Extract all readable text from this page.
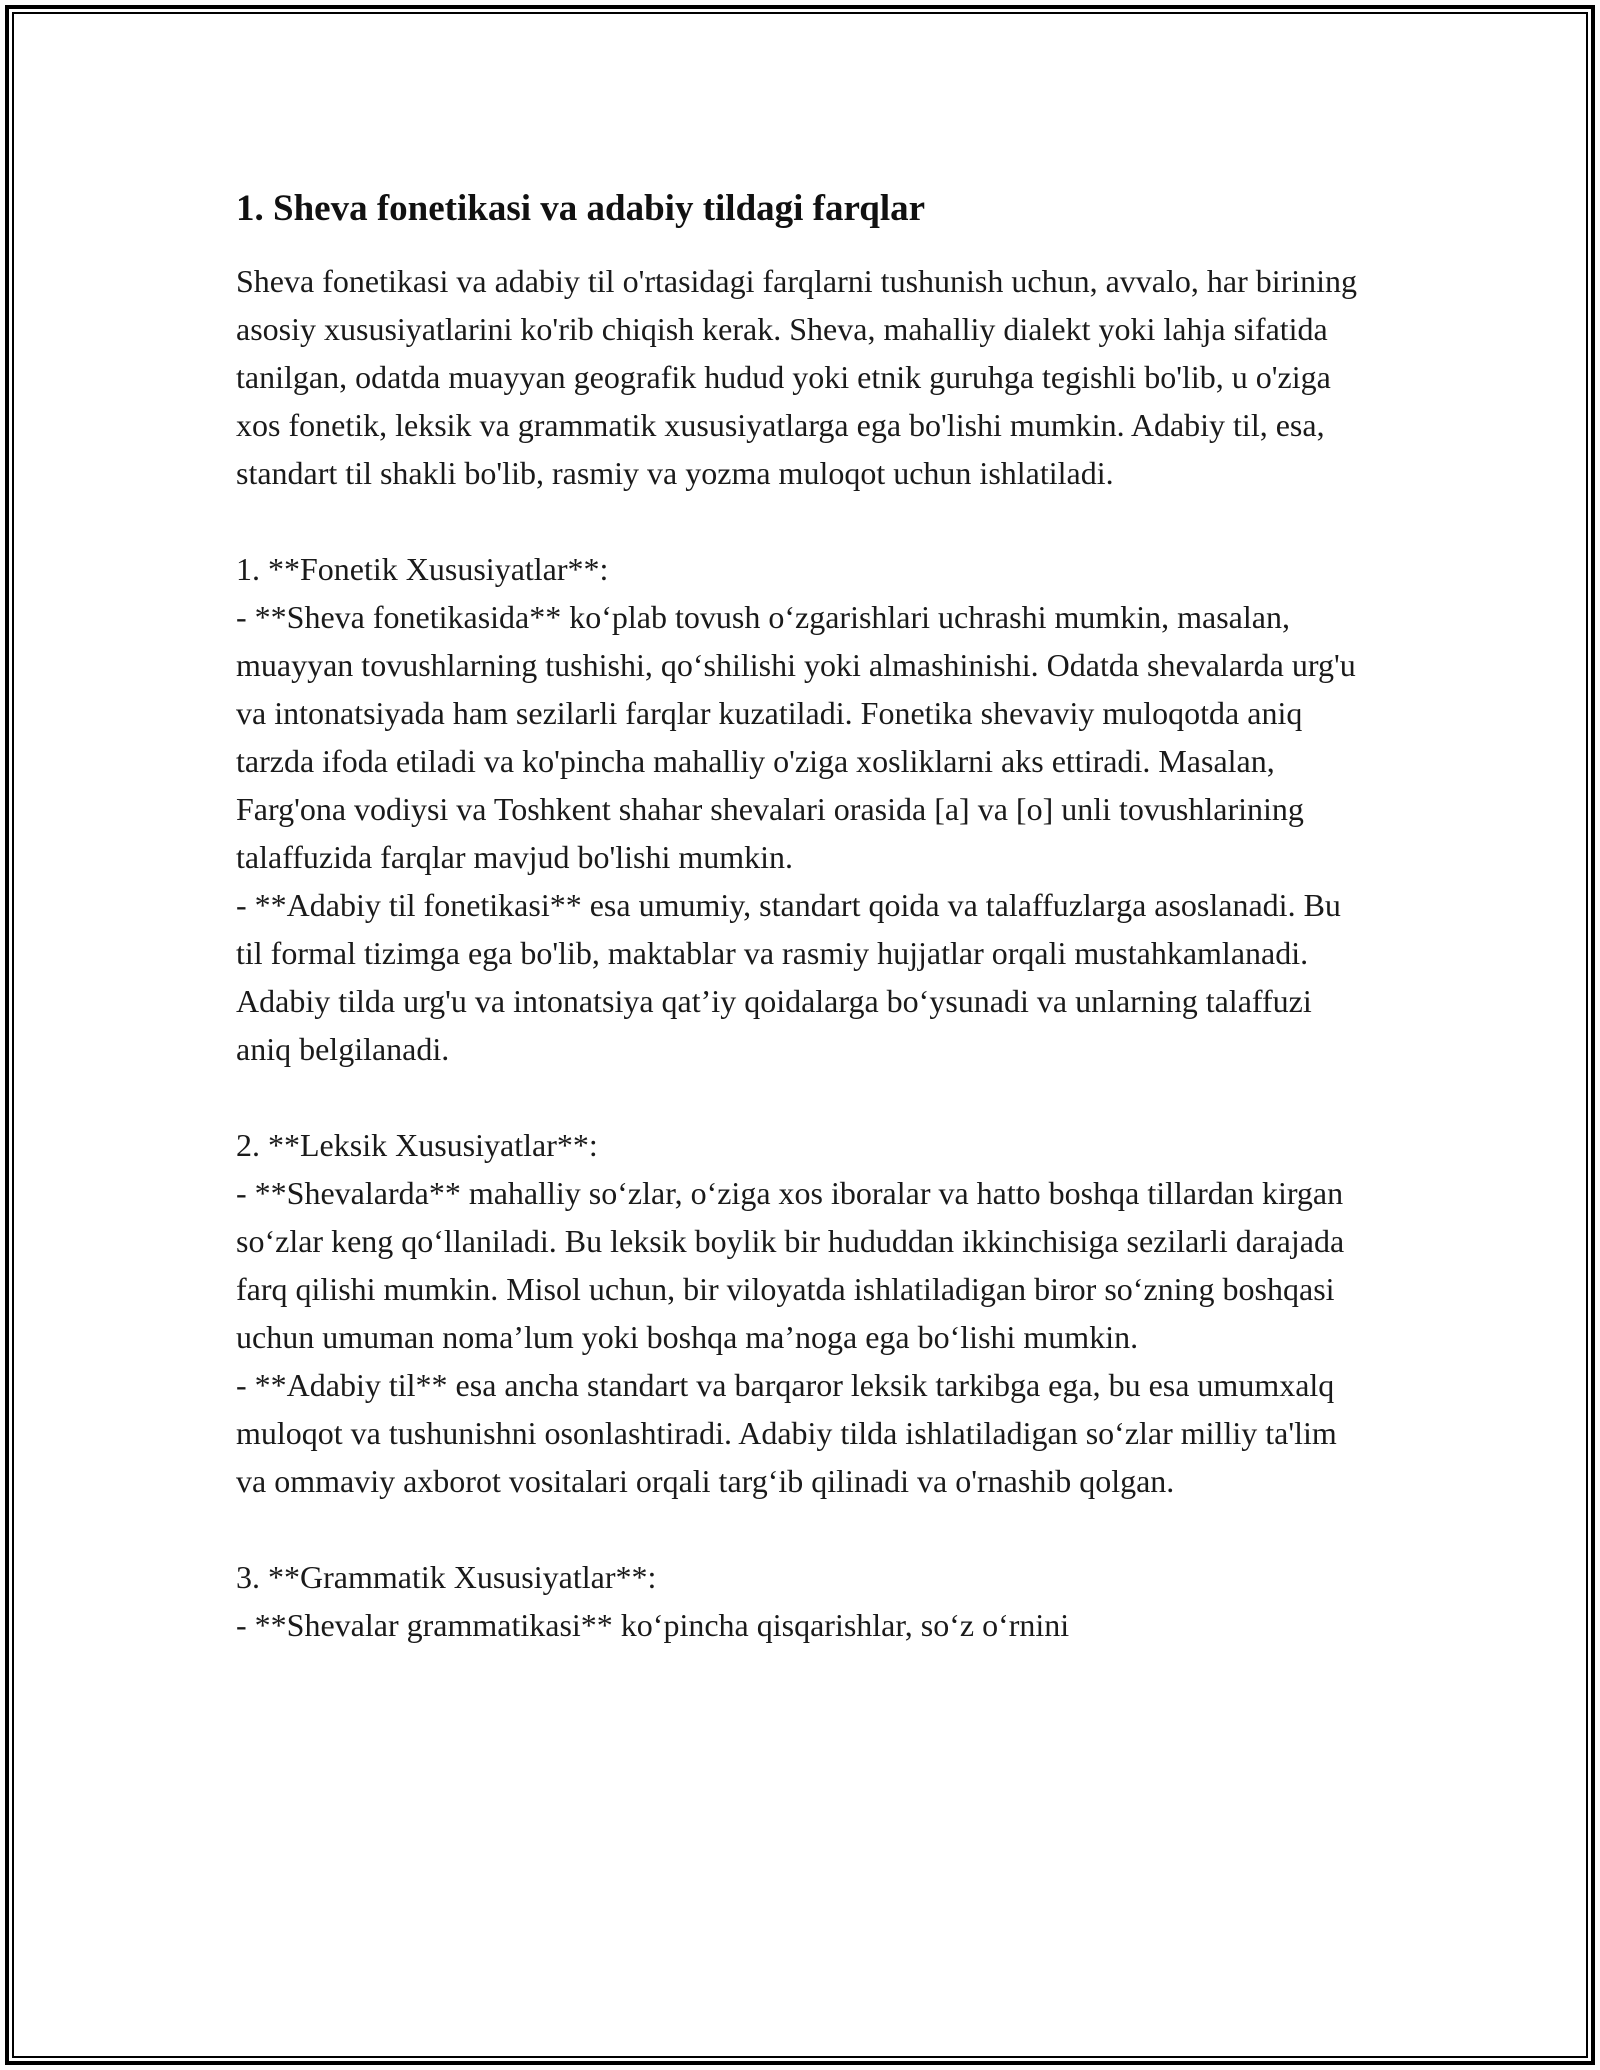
1. Sheva fonetikasi va adabiy tildagi farqlar

Sheva fonetikasi va adabiy til o'rtasidagi farqlarni tushunish uchun, avvalo, har birining asosiy xususiyatlarini ko'rib chiqish kerak. Sheva, mahalliy dialekt yoki lahja sifatida tanilgan, odatda muayyan geografik hudud yoki etnik guruhga tegishli bo'lib, u o'ziga xos fonetik, leksik va grammatik xususiyatlarga ega bo'lishi mumkin. Adabiy til, esa, standart til shakli bo'lib, rasmiy va yozma muloqot uchun ishlatiladi.

1. **Fonetik Xususiyatlar**:

- **Sheva fonetikasida** ko‘plab tovush o‘zgarishlari uchrashi mumkin, masalan, muayyan tovushlarning tushishi, qo‘shilishi yoki almashinishi. Odatda shevalarda urg'u va intonatsiyada ham sezilarli farqlar kuzatiladi. Fonetika shevaviy muloqotda aniq tarzda ifoda etiladi va ko'pincha mahalliy o'ziga xosliklarni aks ettiradi. Masalan, Farg'ona vodiysi va Toshkent shahar shevalari orasida [a] va [o] unli tovushlarining talaffuzida farqlar mavjud bo'lishi mumkin.

- **Adabiy til fonetikasi** esa umumiy, standart qoida va talaffuzlarga asoslanadi. Bu til formal tizimga ega bo'lib, maktablar va rasmiy hujjatlar orqali mustahkamlanadi. Adabiy tilda urg'u va intonatsiya qat’iy qoidalarga bo‘ysunadi va unlarning talaffuzi aniq belgilanadi.

2. **Leksik Xususiyatlar**:

- **Shevalarda** mahalliy so‘zlar, o‘ziga xos iboralar va hatto boshqa tillardan kirgan so‘zlar keng qo‘llaniladi. Bu leksik boylik bir hududdan ikkinchisiga sezilarli darajada farq qilishi mumkin. Misol uchun, bir viloyatda ishlatiladigan biror so‘zning boshqasi uchun umuman noma’lum yoki boshqa ma’noga ega bo‘lishi mumkin.

- **Adabiy til** esa ancha standart va barqaror leksik tarkibga ega, bu esa umumxalq muloqot va tushunishni osonlashtiradi. Adabiy tilda ishlatiladigan so‘zlar milliy ta'lim va ommaviy axborot vositalari orqali targ‘ib qilinadi va o'rnashib qolgan.

3. **Grammatik Xususiyatlar**:

- **Shevalar grammatikasi** ko‘pincha qisqarishlar, so‘z o‘rnini
